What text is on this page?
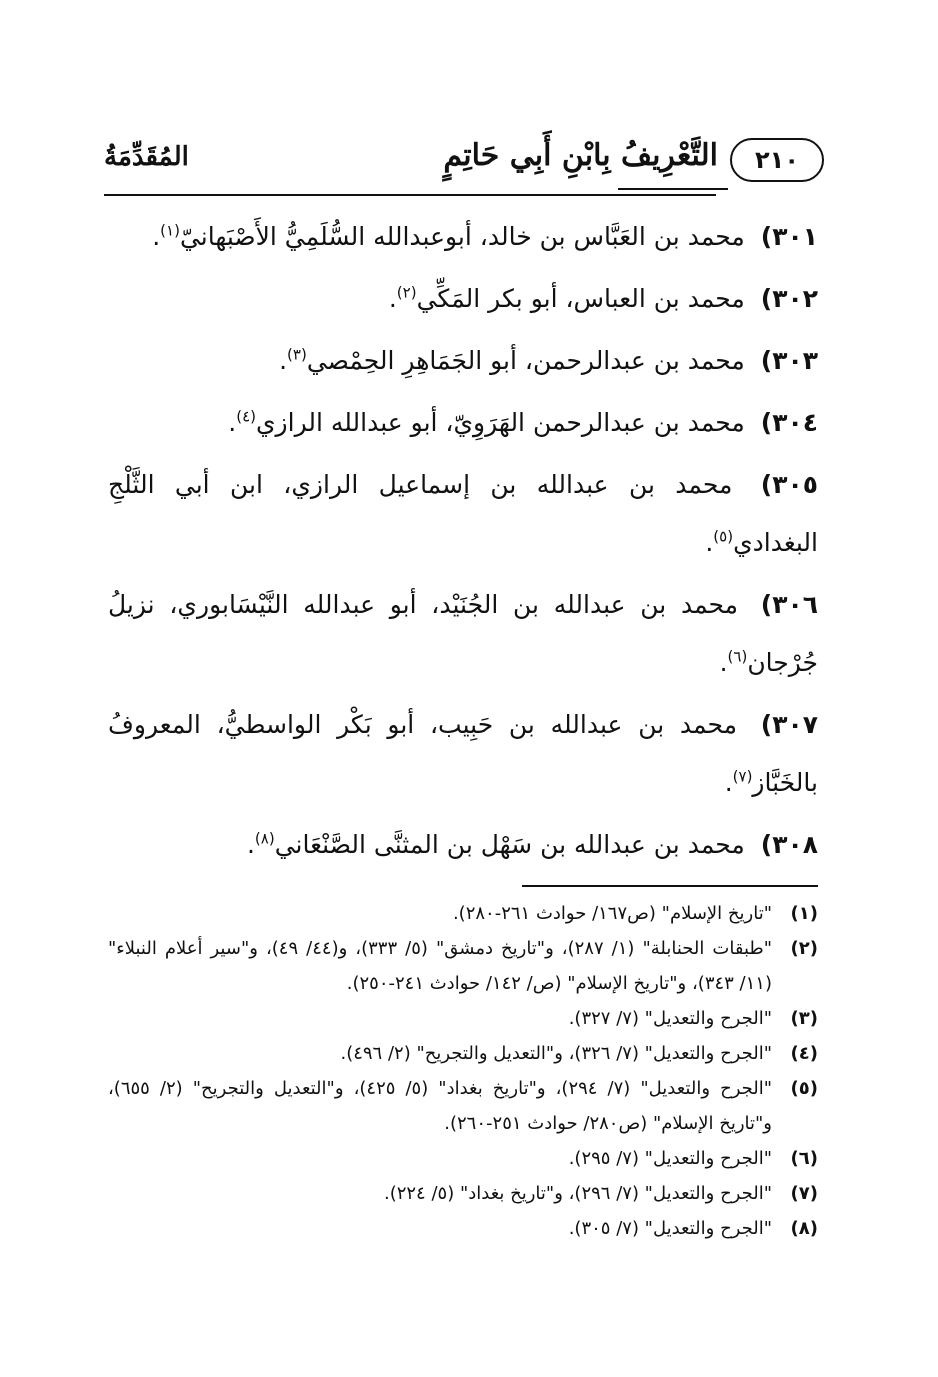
٢١٠
التَّعْرِيفُ بِابْنِ أَبِي حَاتِمٍ
المُقَدِّمَةُ

٣٠١) محمد بن العَبَّاس بن خالد، أبوعبدالله السُّلَمِيُّ الأَصْبَهانيّ$^{(١)}$.

٣٠٢) محمد بن العباس، أبو بكر المَكِّي$^{(٢)}$.

٣٠٣) محمد بن عبدالرحمن، أبو الجَمَاهِرِ الحِمْصي$^{(٣)}$.

٣٠٤) محمد بن عبدالرحمن الهَرَوِيّ، أبو عبدالله الرازي$^{(٤)}$.

٣٠٥) محمد بن عبدالله بن إسماعيل الرازي، ابن أبي الثَّلْجِ البغدادي$^{(٥)}$.

٣٠٦) محمد بن عبدالله بن الجُنَيْد، أبو عبدالله النَّيْسَابوري، نزيلُ جُرْجان$^{(٦)}$.

٣٠٧) محمد بن عبدالله بن حَبِيب، أبو بَكْر الواسطيُّ، المعروفُ بالخَبَّاز$^{(٧)}$.

٣٠٨) محمد بن عبدالله بن سَهْل بن المثنَّى الصَّنْعَاني$^{(٨)}$.

(١)
"تاريخ الإسلام" (ص١٦٧/ حوادث ٢٦١-٢٨٠).
(٢)
"طبقات الحنابلة" (١/ ٢٨٧)، و"تاريخ دمشق" (٥/ ٣٣٣)، و(٤٤/ ٤٩)، و"سير أعلام النبلاء" (١١/ ٣٤٣)، و"تاريخ الإسلام" (ص/ ١٤٢/ حوادث ٢٤١-٢٥٠).
(٣)
"الجرح والتعديل" (٧/ ٣٢٧).
(٤)
"الجرح والتعديل" (٧/ ٣٢٦)، و"التعديل والتجريح" (٢/ ٤٩٦).
(٥)
"الجرح والتعديل" (٧/ ٢٩٤)، و"تاريخ بغداد" (٥/ ٤٢٥)، و"التعديل والتجريح" (٢/ ٦٥٥)، و"تاريخ الإسلام" (ص٢٨٠/ حوادث ٢٥١-٢٦٠).
(٦)
"الجرح والتعديل" (٧/ ٢٩٥).
(٧)
"الجرح والتعديل" (٧/ ٢٩٦)، و"تاريخ بغداد" (٥/ ٢٢٤).
(٨)
"الجرح والتعديل" (٧/ ٣٠٥).
